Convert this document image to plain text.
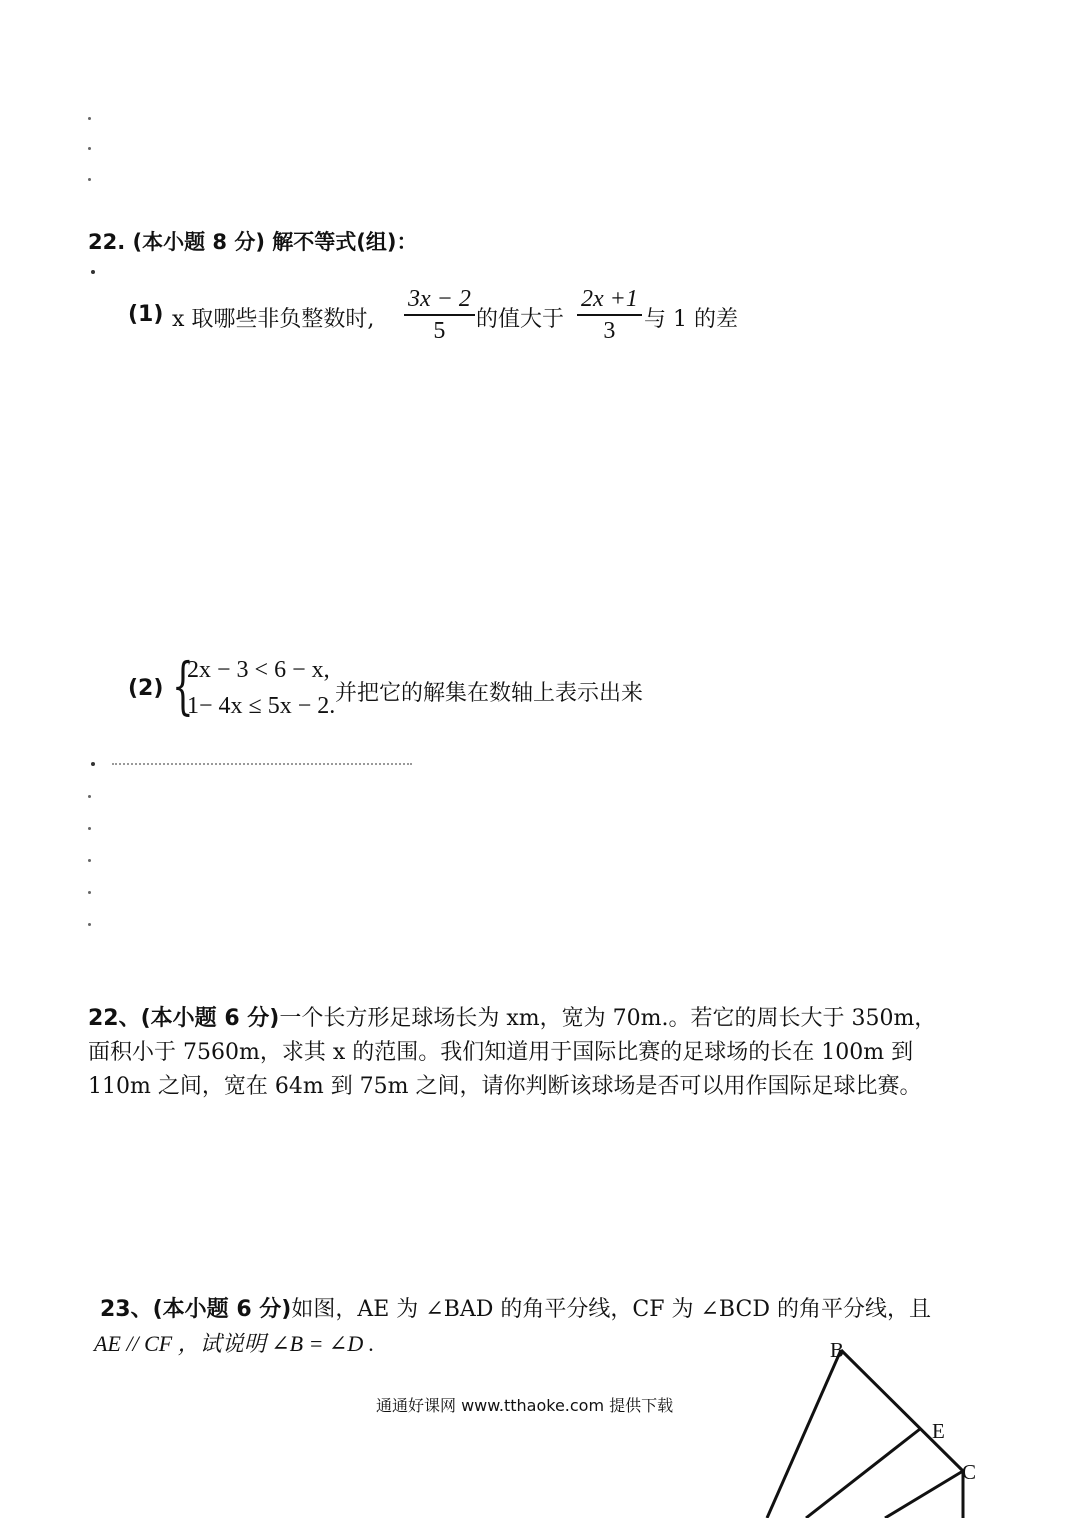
22. (本小题 8 分) 解不等式(组)：
(1) x 取哪些非负整数时,
3x − 2
5 的值大于
2x +1
3 与 1 的差
(2) {
2x − 3 < 6 − x,
1− 4x ≤ 5x − 2. 并把它的解集在数轴上表示出来
22、(本小题 6 分)一个长方形足球场长为 xm，宽为 70m.。若它的周长大于 350m，
面积小于 7560m，求其 x 的范围。我们知道用于国际比赛的足球场的长在 100m 到
110m 之间，宽在 64m 到 75m 之间，请你判断该球场是否可以用作国际足球比赛。
23、(本小题 6 分)如图，AE 为 ∠BAD 的角平分线，CF 为 ∠BCD 的角平分线，且
AE // CF ，试说明 ∠B = ∠D .
通通好课网 www.tthaoke.com 提供下载
B
E
C
